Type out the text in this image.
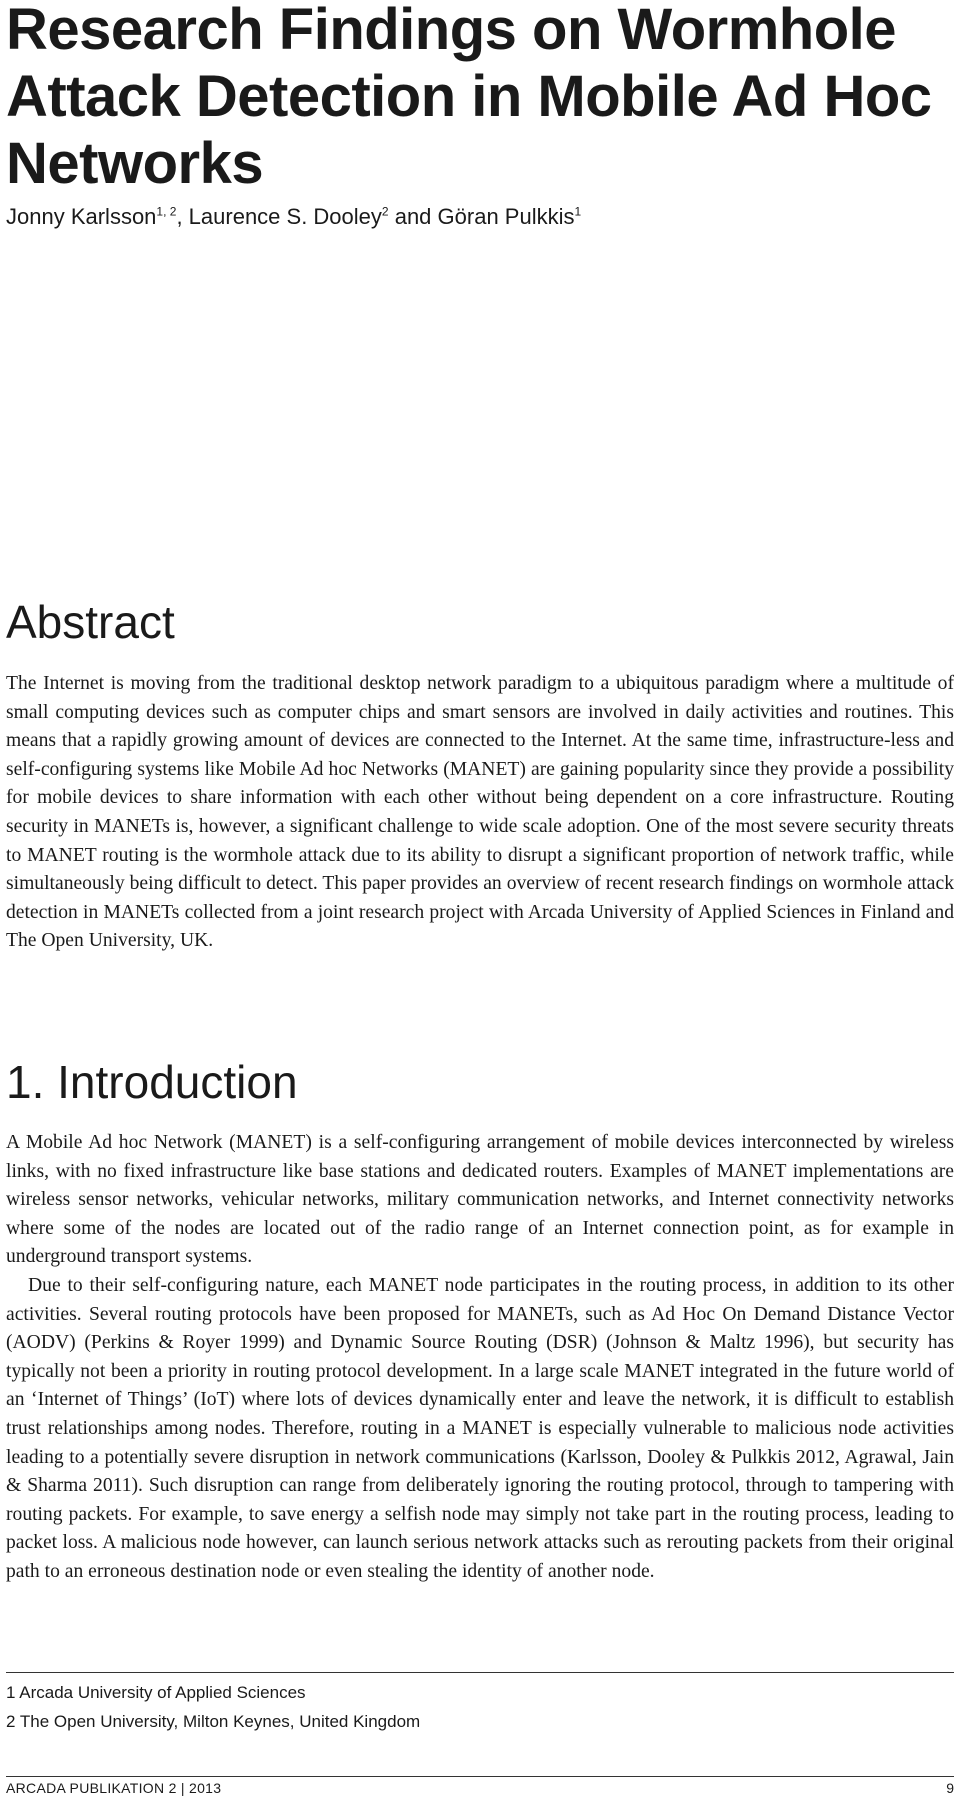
Research Findings on Wormhole Attack Detection in Mobile Ad Hoc Networks
Jonny Karlsson$^{1, 2}$, Laurence S. Dooley$^2$ and Göran Pulkkis$^1$
Abstract

The Internet is moving from the traditional desktop network paradigm to a ubiquitous paradigm where a multitude of small computing devices such as computer chips and smart sensors are involved in daily activities and routines. This means that a rapidly growing amount of devices are connected to the Internet. At the same time, infrastructure-less and self-configuring systems like Mobile Ad hoc Networks (MANET) are gaining popularity since they provide a possibility for mobile devices to share information with each other without being dependent on a core infrastructure. Routing security in MANETs is, however, a significant challenge to wide scale adoption. One of the most severe security threats to MANET routing is the wormhole attack due to its ability to disrupt a significant proportion of network traffic, while simultaneously being difficult to detect. This paper provides an overview of recent research findings on wormhole attack detection in MANETs collected from a joint research project with Arcada University of Applied Sciences in Finland and The Open University, UK.

1. Introduction

A Mobile Ad hoc Network (MANET) is a self-configuring arrangement of mobile devices interconnected by wireless links, with no fixed infrastructure like base stations and dedicated routers. Examples of MANET implementations are wireless sensor networks, vehicular networks, military communication networks, and Internet connectivity networks where some of the nodes are located out of the radio range of an Internet connection point, as for example in underground transport systems.

Due to their self-configuring nature, each MANET node participates in the routing process, in addition to its other activities. Several routing protocols have been proposed for MANETs, such as Ad Hoc On Demand Distance Vector (AODV) (Perkins & Royer 1999) and Dynamic Source Routing (DSR) (Johnson & Maltz 1996), but security has typically not been a priority in routing protocol development. In a large scale MANET integrated in the future world of an ‘Internet of Things’ (IoT) where lots of devices dynamically enter and leave the network, it is difficult to establish trust relationships among nodes. Therefore, routing in a MANET is especially vulnerable to malicious node activities leading to a potentially severe disruption in network communications (Karlsson, Dooley & Pulkkis 2012, Agrawal, Jain & Sharma 2011). Such disruption can range from deliberately ignoring the routing protocol, through to tampering with routing packets. For example, to save energy a selfish node may simply not take part in the routing process, leading to packet loss. A malicious node however, can launch serious network attacks such as rerouting packets from their original path to an erroneous destination node or even stealing the identity of another node.

1 Arcada University of Applied Sciences
2 The Open University, Milton Keynes, United Kingdom
ARCADA PUBLIKATION 2 | 2013	9
